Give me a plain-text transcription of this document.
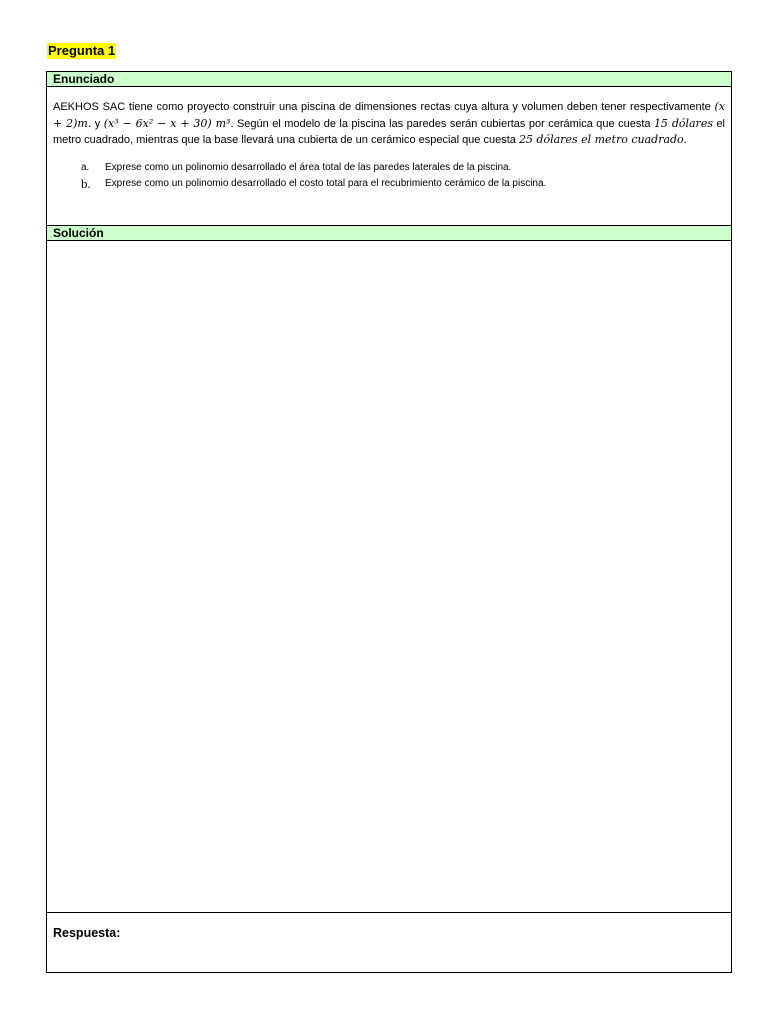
Pregunta 1
Enunciado
AEKHOS SAC tiene como proyecto construir una piscina de dimensiones rectas cuya altura y volumen deben tener respectivamente (x + 2)m. y (x³ − 6x² − x + 30) m³. Según el modelo de la piscina las paredes serán cubiertas por cerámica que cuesta 15 dólares el metro cuadrado, mientras que la base llevará una cubierta de un cerámico especial que cuesta 25 dólares el metro cuadrado.
a.	Exprese como un polinomio desarrollado el área total de las paredes laterales de la piscina.
b.	Exprese como un polinomio desarrollado el costo total para el recubrimiento cerámico de la piscina.
Solución
Respuesta:
